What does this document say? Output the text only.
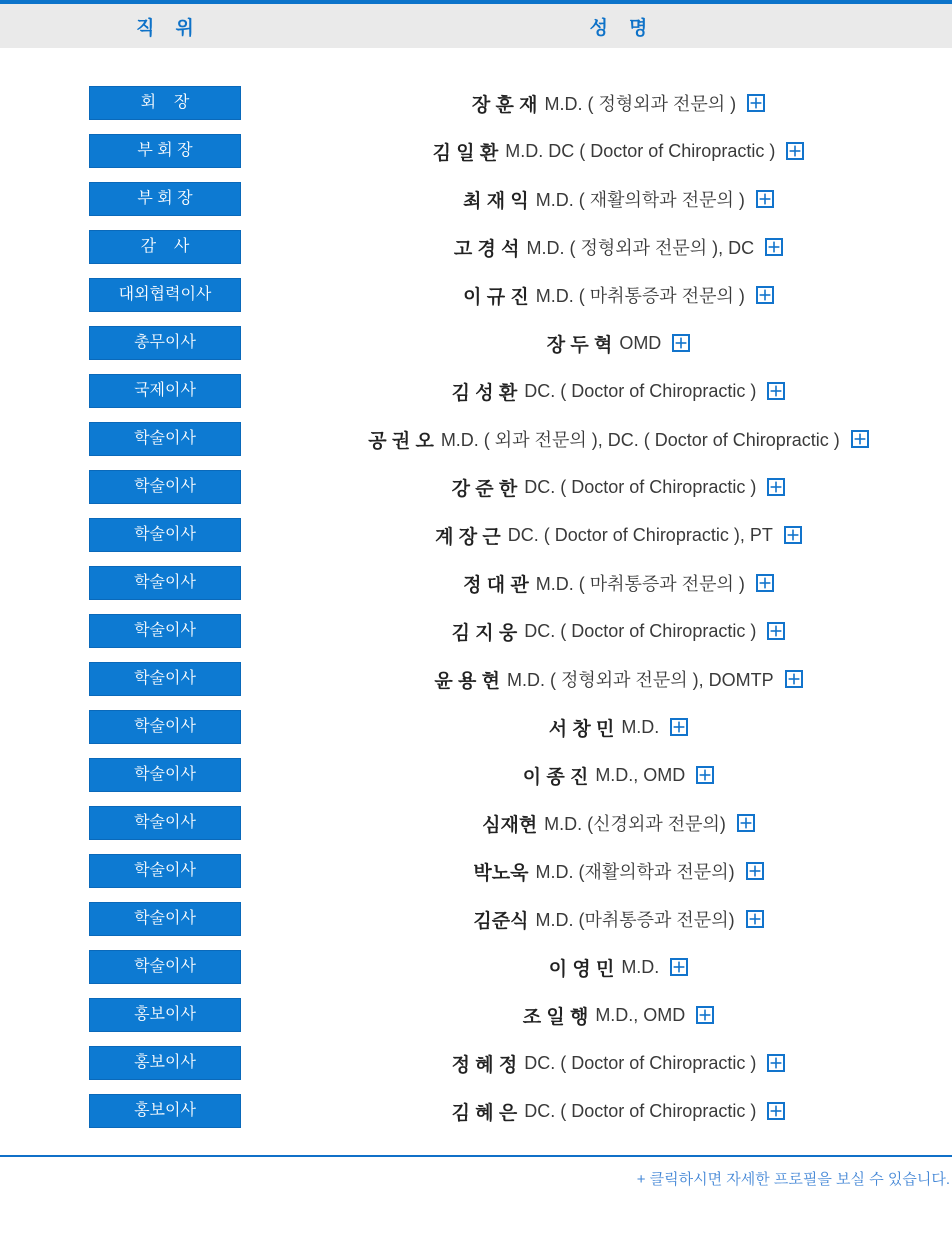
직    위	성    명
회    장	장 훈 재 M.D. ( 정형외과 전문의 )
부 회 장	김 일 환 M.D. DC ( Doctor of Chiropractic )
부 회 장	최 재 익 M.D. ( 재활의학과 전문의 )
감    사	고 경 석 M.D. ( 정형외과 전문의 ), DC
대외협력이사	이 규 진 M.D. ( 마취통증과 전문의 )
총무이사	장 두 혁 OMD
국제이사	김 성 환 DC. ( Doctor of Chiropractic )
학술이사	공 권 오 M.D. ( 외과 전문의 ), DC. ( Doctor of Chiropractic )
학술이사	강 준 한 DC. ( Doctor of Chiropractic )
학술이사	계 장 근 DC. ( Doctor of Chiropractic ), PT
학술이사	정 대 관 M.D. ( 마취통증과 전문의 )
학술이사	김 지 웅 DC. ( Doctor of Chiropractic )
학술이사	윤 용 현 M.D. ( 정형외과 전문의 ), DOMTP
학술이사	서 창 민 M.D.
학술이사	이 종 진 M.D., OMD
학술이사	심재현 M.D. (신경외과 전문의)
학술이사	박노욱 M.D. (재활의학과 전문의)
학술이사	김준식 M.D. (마취통증과 전문의)
학술이사	이 영 민 M.D.
홍보이사	조 일 행 M.D., OMD
홍보이사	정 혜 정 DC. ( Doctor of Chiropractic )
홍보이사	김 혜 은 DC. ( Doctor of Chiropractic )
+ 클릭하시면 자세한 프로필을 보실 수 있습니다.
